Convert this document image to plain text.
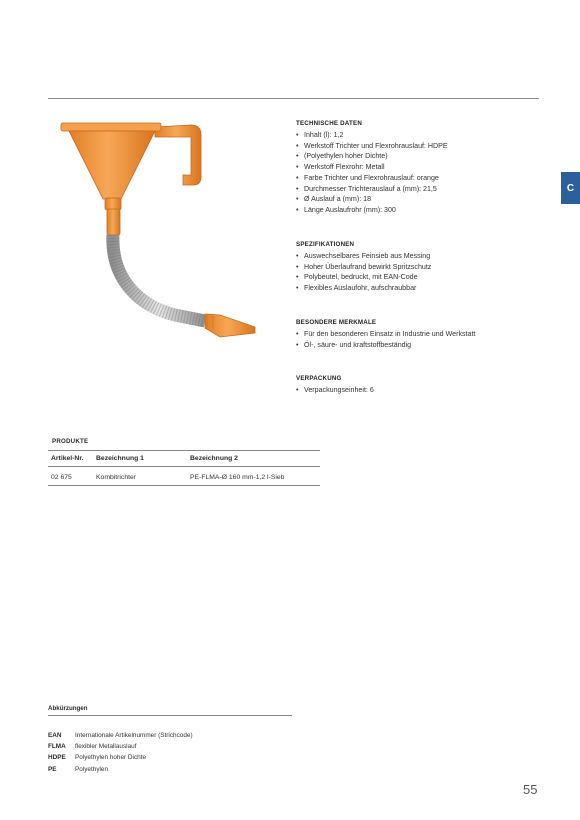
C
TECHNISCHE DATEN
• Inhalt (l): 1,2
• Werkstoff Trichter und Flexrohrauslauf: HDPE
• (Polyethylen hoher Dichte)
• Werkstoff Flexrohr: Metall
• Farbe Trichter und Flexrohrauslauf: orange
• Durchmesser Trichterauslauf a (mm): 21,5
• Ø Auslauf a (mm): 18
• Länge Auslaufrohr (mm): 300
SPEZIFIKATIONEN
• Auswechselbares Feinsieb aus Messing
• Hoher Überlaufrand bewirkt Spritzschutz
• Polybeutel, bedruckt, mit EAN-Code
• Flexibles Auslaufohr, aufschraubbar
BESONDERE MERKMALE
• Für den besonderen Einsatz in Industrie und Werkstatt
• Öl-, säure- und kraftstoffbeständig
VERPACKUNG
• Verpackungseinheit: 6
PRODUKTE
Artikel-Nr.	Bezeichnung 1	Bezeichnung 2
02 675	Kombitrichter	PE-FLMA-Ø 160 mm-1,2 l-Sieb
Abkürzungen
EAN	Internationale Artikelnummer (Strichcode)
FLMA	flexibler Metallauslauf
HDPE	Polyethylen hoher Dichte
PE	Polyethylen
55
